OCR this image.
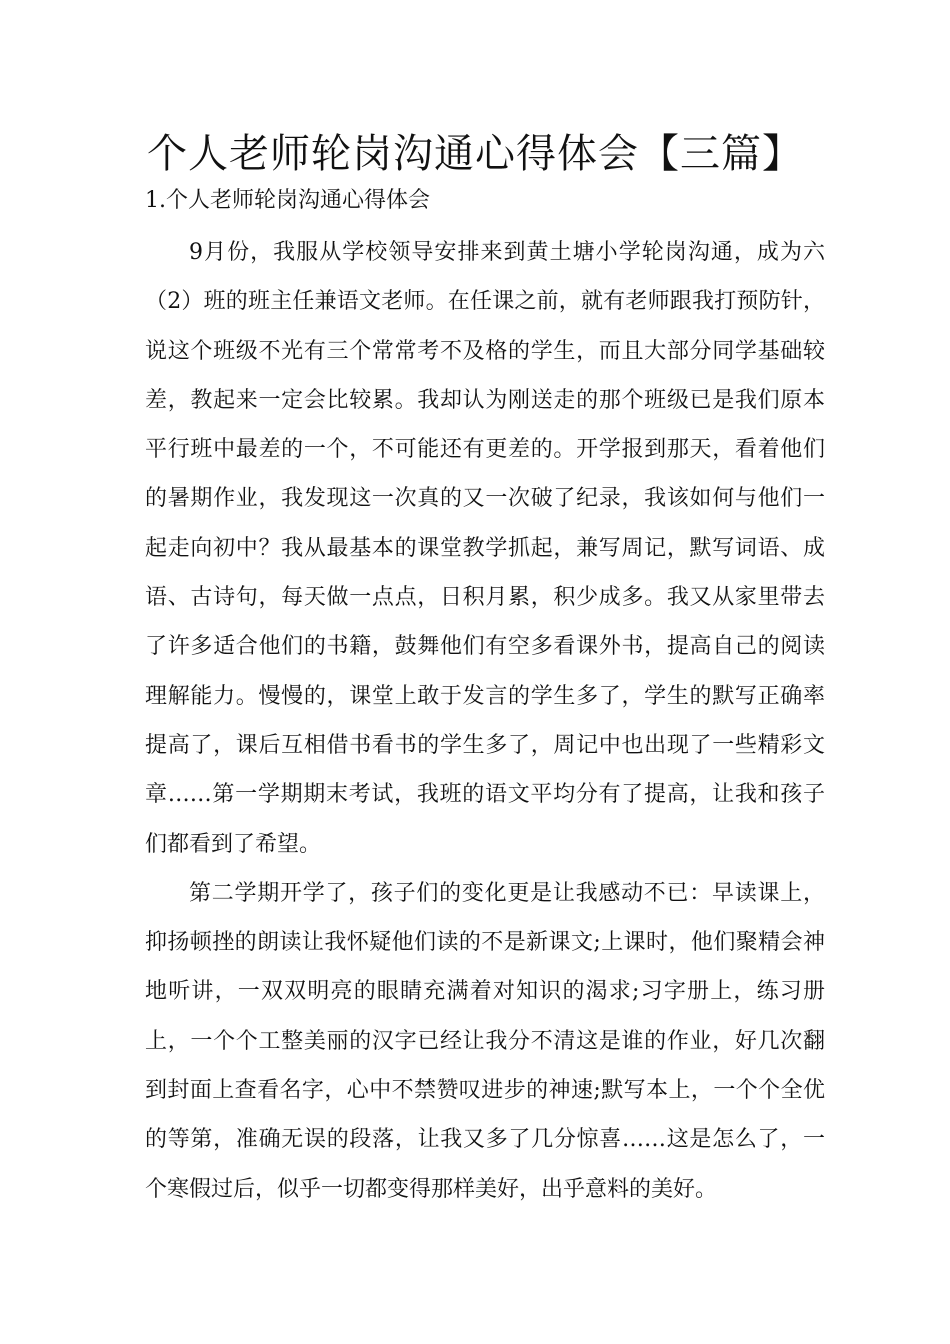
个人老师轮岗沟通心得体会【三篇】
1.个人老师轮岗沟通心得体会

9月份，我服从学校领导安排来到黄土塘小学轮岗沟通，成为六（2）班的班主任兼语文老师。在任课之前，就有老师跟我打预防针，说这个班级不光有三个常常考不及格的学生，而且大部分同学基础较差，教起来一定会比较累。我却认为刚送走的那个班级已是我们原本平行班中最差的一个，不可能还有更差的。开学报到那天，看着他们的暑期作业，我发现这一次真的又一次破了纪录，我该如何与他们一起走向初中？我从最基本的课堂教学抓起，兼写周记，默写词语、成语、古诗句，每天做一点点，日积月累，积少成多。我又从家里带去了许多适合他们的书籍，鼓舞他们有空多看课外书，提高自己的阅读理解能力。慢慢的，课堂上敢于发言的学生多了，学生的默写正确率提高了，课后互相借书看书的学生多了，周记中也出现了一些精彩文章……第一学期期末考试，我班的语文平均分有了提高，让我和孩子们都看到了希望。

第二学期开学了，孩子们的变化更是让我感动不已：早读课上，抑扬顿挫的朗读让我怀疑他们读的不是新课文;上课时，他们聚精会神地听讲，一双双明亮的眼睛充满着对知识的渴求;习字册上，练习册上，一个个工整美丽的汉字已经让我分不清这是谁的作业，好几次翻到封面上查看名字，心中不禁赞叹进步的神速;默写本上，一个个全优的等第，准确无误的段落，让我又多了几分惊喜……这是怎么了，一个寒假过后，似乎一切都变得那样美好，出乎意料的美好。
